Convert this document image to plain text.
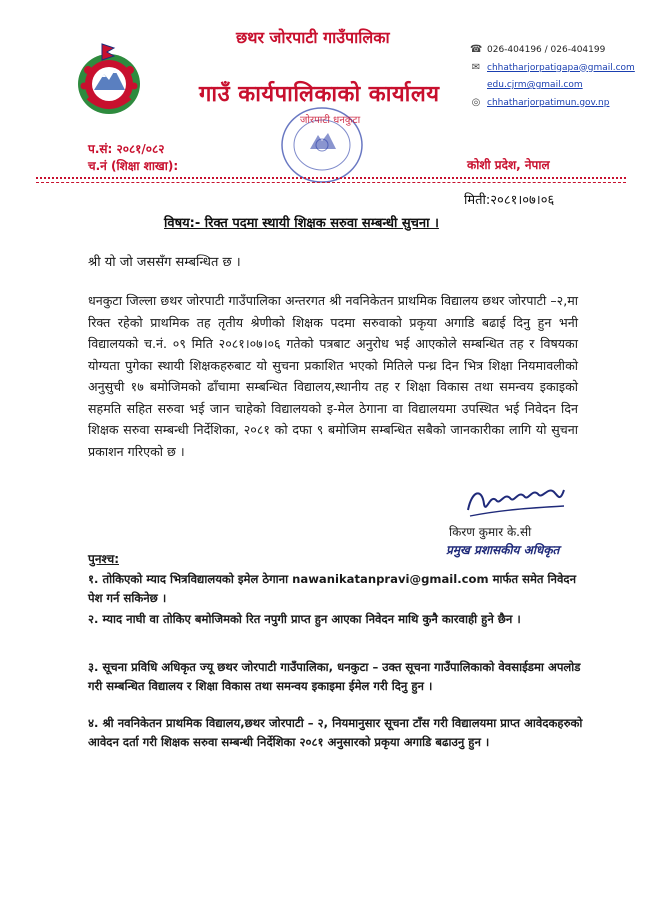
छथर जोरपाटी गाउँपालिका
गाउँ कार्यपालिकाको कार्यालय
☎ 026-404196 / 026-404199
✉ chhatharjorpatigapa@gmail.com
edu.cjrm@gmail.com
◎ chhatharjorpatimun.gov.np
जोरपाटी धनकुटा
प.सं: २०८१/०८२
च.नं (शिक्षा शाखा):	कोशी प्रदेश, नेपाल
मिती:२०८१।०७।०६
विषय:- रिक्त पदमा स्थायी शिक्षक सरुवा सम्बन्धी सुचना ।
श्री यो जो जससँग सम्बन्धित छ ।
धनकुटा जिल्ला छथर जोरपाटी गाउँपालिका अन्तरगत श्री नवनिकेतन प्राथमिक विद्यालय छथर जोरपाटी –२,मा रिक्त रहेको प्राथमिक तह तृतीय श्रेणीको शिक्षक पदमा सरुवाको प्रकृया अगाडि बढाई दिनु हुन भनी विद्यालयको च.नं. ०९ मिति २०८१।०७।०६ गतेको पत्रबाट अनुरोध भई आएकोले सम्बन्धित तह र विषयका योग्यता पुगेका स्थायी शिक्षकहरुबाट यो सुचना प्रकाशित भएको मितिले पन्ध्र दिन भित्र शिक्षा नियमावलीको अनुसुची १७ बमोजिमको ढाँचामा सम्बन्धित विद्यालय,स्थानीय तह र शिक्षा विकास तथा समन्वय इकाइको सहमति सहित सरुवा भई जान चाहेको विद्यालयको इ-मेल ठेगाना वा विद्यालयमा उपस्थित भई निवेदन दिन शिक्षक सरुवा सम्बन्धी निर्देशिका, २०८१ को दफा ९ बमोजिम सम्बन्धित सबैको जानकारीका लागि यो सुचना प्रकाशन गरिएको छ ।
किरण कुमार के.सी
प्रमुख प्रशासकीय अधिकृत
पुनश्च:
१. तोकिएको म्याद भित्रविद्यालयको इमेल ठेगाना nawanikatanpravi@gmail.com मार्फत समेत निवेदन पेश गर्न सकिनेछ ।
२. म्याद नाघी वा तोकिए बमोजिमको रित नपुगी प्राप्त हुन आएका निवेदन माथि कुनै कारवाही हुने छैन ।
३. सूचना प्रविधि अधिकृत ज्यू छथर जोरपाटी गाउँपालिका, धनकुटा – उक्त सूचना गाउँपालिकाको वेवसाईडमा अपलोड गरी सम्बन्धित विद्यालय र शिक्षा विकास तथा समन्वय इकाइमा ईमेल गरी दिनु हुन ।
४. श्री नवनिकेतन प्राथमिक विद्यालय,छथर जोरपाटी – २, नियमानुसार सूचना टाँस गरी विद्यालयमा प्राप्त आवेदकहरुको आवेदन दर्ता गरी शिक्षक सरुवा सम्बन्धी निर्देशिका २०८१ अनुसारको प्रकृया अगाडि बढाउनु हुन ।
